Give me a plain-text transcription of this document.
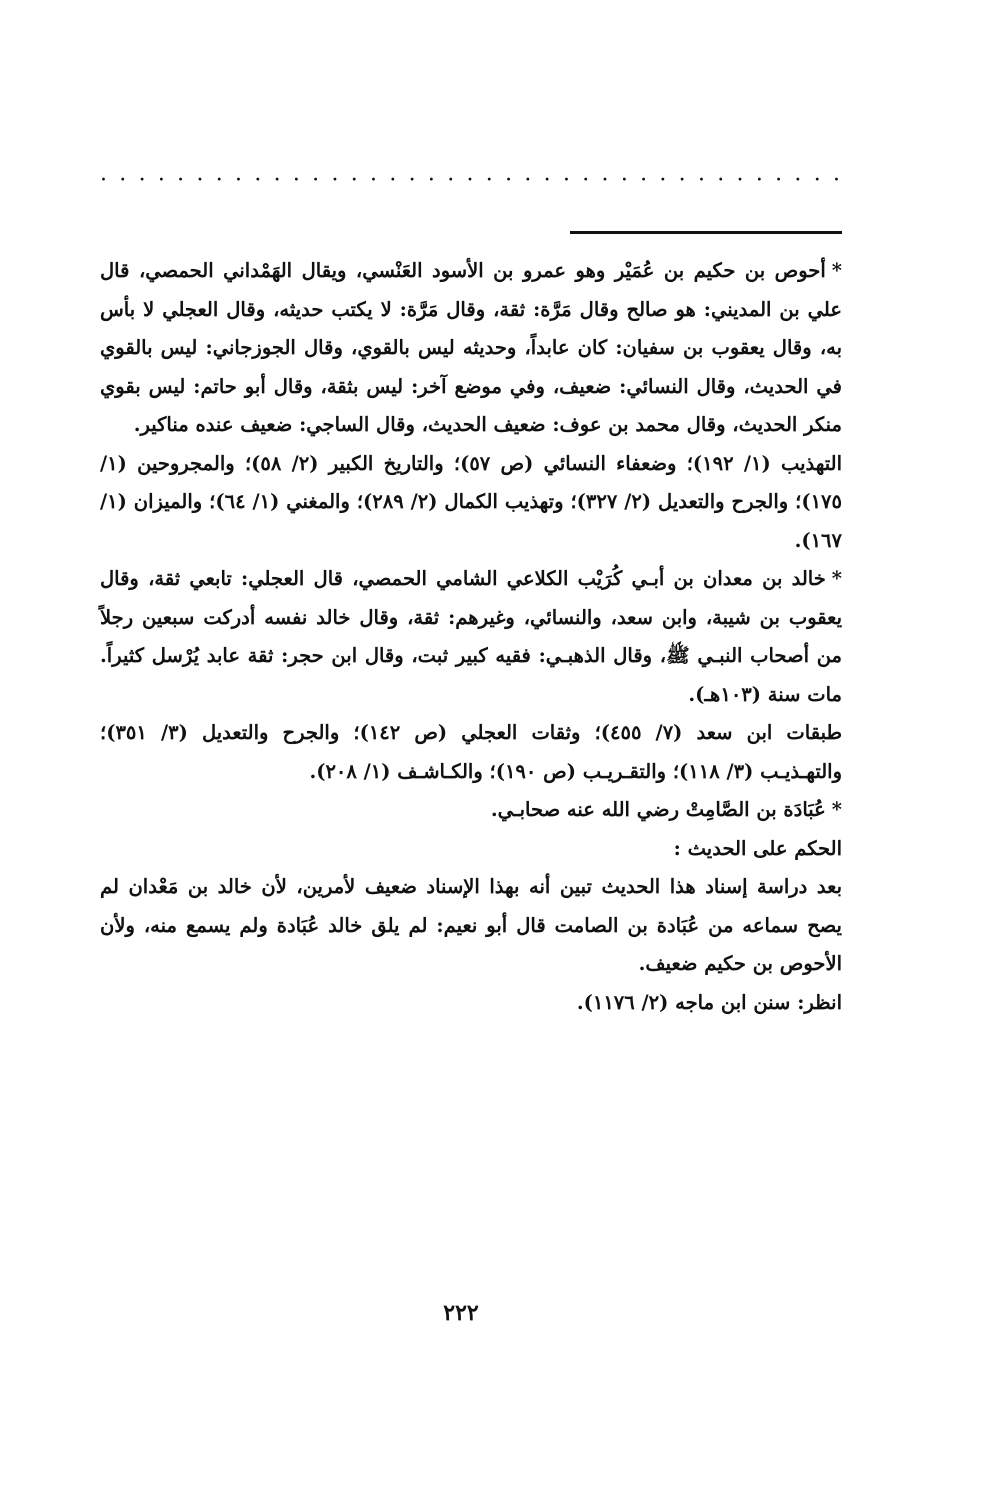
· · · · · · · · · · · · · · · · · · · · · · · · · · · · · · · · · · · · · · ·

*أحوص بن حكيم بن عُمَيْر وهو عمرو بن الأسود العَنْسي، ويقال الهَمْداني الحمصي، قال علي بن المديني: هو صالح وقال مَرَّة: ثقة، وقال مَرَّة: لا يكتب حديثه، وقال العجلي لا بأس به، وقال يعقوب بن سفيان: كان عابداً، وحديثه ليس بالقوي، وقال الجوزجاني: ليس بالقوي في الحديث، وقال النسائي: ضعيف، وفي موضع آخر: ليس بثقة، وقال أبو حاتم: ليس بقوي منكر الحديث، وقال محمد بن عوف: ضعيف الحديث، وقال الساجي: ضعيف عنده مناكير.

التهذيب (١/ ١٩٢)؛ وضعفاء النسائي (ص ٥٧)؛ والتاريخ الكبير (٢/ ٥٨)؛ والمجروحين (١/ ١٧٥)؛ والجرح والتعديل (٢/ ٣٢٧)؛ وتهذيب الكمال (٢/ ٢٨٩)؛ والمغني (١/ ٦٤)؛ والميزان (١/ ١٦٧).

*خالد بن معدان بن أبـي كُرَيْب الكلاعي الشامي الحمصي، قال العجلي: تابعي ثقة، وقال يعقوب بن شيبة، وابن سعد، والنسائي، وغيرهم: ثقة، وقال خالد نفسه أدركت سبعين رجلاً من أصحاب النبـي ﷺ، وقال الذهبـي: فقيه كبير ثبت، وقال ابن حجر: ثقة عابد يُرْسل كثيراً. مات سنة (١٠٣هـ).

طبقات ابن سعد (٧/ ٤٥٥)؛ وثقات العجلي (ص ١٤٢)؛ والجرح والتعديل (٣/ ٣٥١)؛ والتهـذيـب (٣/ ١١٨)؛ والتقـريـب (ص ١٩٠)؛ والكـاشـف (١/ ٢٠٨).

*عُبَادَة بن الصَّامِتْ رضي الله عنه صحابـي.

الحكم على الحديث :

بعد دراسة إسناد هذا الحديث تبين أنه بهذا الإسناد ضعيف لأمرين، لأن خالد بن مَعْدان لم يصح سماعه من عُبَادة بن الصامت قال أبو نعيم: لم يلق خالد عُبَادة ولم يسمع منه، ولأن الأحوص بن حكيم ضعيف.

انظر: سنن ابن ماجه (٢/ ١١٧٦).

٢٢٢
